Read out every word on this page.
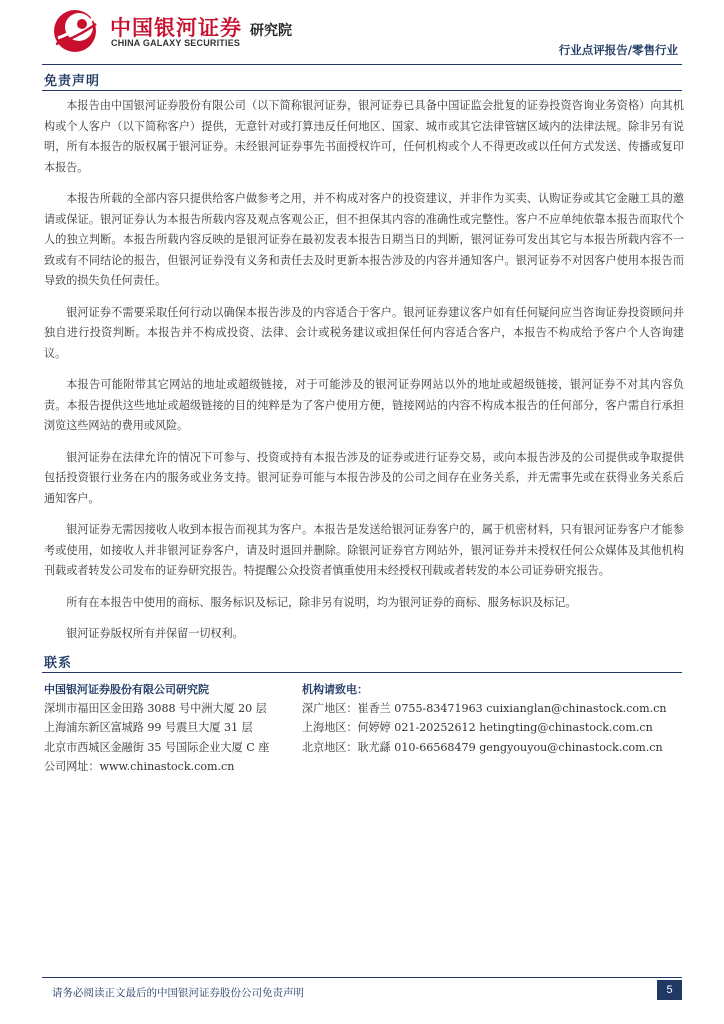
中国银河证券
CHINA GALAXY SECURITIES
研究院
行业点评报告/零售行业
免责声明

本报告由中国银河证券股份有限公司（以下简称银河证券，银河证券已具备中国证监会批复的证券投资咨询业务资格）向其机构或个人客户（以下简称客户）提供，无意针对或打算违反任何地区、国家、城市或其它法律管辖区域内的法律法规。除非另有说明，所有本报告的版权属于银河证券。未经银河证券事先书面授权许可，任何机构或个人不得更改或以任何方式发送、传播或复印本报告。

本报告所载的全部内容只提供给客户做参考之用，并不构成对客户的投资建议，并非作为买卖、认购证券或其它金融工具的邀请或保证。银河证券认为本报告所载内容及观点客观公正，但不担保其内容的准确性或完整性。客户不应单纯依靠本报告而取代个人的独立判断。本报告所载内容反映的是银河证券在最初发表本报告日期当日的判断，银河证券可发出其它与本报告所载内容不一致或有不同结论的报告，但银河证券没有义务和责任去及时更新本报告涉及的内容并通知客户。银河证券不对因客户使用本报告而导致的损失负任何责任。

银河证券不需要采取任何行动以确保本报告涉及的内容适合于客户。银河证券建议客户如有任何疑问应当咨询证券投资顾问并独自进行投资判断。本报告并不构成投资、法律、会计或税务建议或担保任何内容适合客户，本报告不构成给予客户个人咨询建议。

本报告可能附带其它网站的地址或超级链接，对于可能涉及的银河证券网站以外的地址或超级链接，银河证券不对其内容负责。本报告提供这些地址或超级链接的目的纯粹是为了客户使用方便，链接网站的内容不构成本报告的任何部分，客户需自行承担浏览这些网站的费用或风险。

银河证券在法律允许的情况下可参与、投资或持有本报告涉及的证券或进行证券交易，或向本报告涉及的公司提供或争取提供包括投资银行业务在内的服务或业务支持。银河证券可能与本报告涉及的公司之间存在业务关系，并无需事先或在获得业务关系后通知客户。

银河证券无需因接收人收到本报告而视其为客户。本报告是发送给银河证券客户的，属于机密材料，只有银河证券客户才能参考或使用，如接收人并非银河证券客户，请及时退回并删除。除银河证券官方网站外，银河证券并未授权任何公众媒体及其他机构刊载或者转发公司发布的证券研究报告。特提醒公众投资者慎重使用未经授权刊载或者转发的本公司证券研究报告。

所有在本报告中使用的商标、服务标识及标记，除非另有说明，均为银河证券的商标、服务标识及标记。

银河证券版权所有并保留一切权利。

联系
中国银河证券股份有限公司研究院
深圳市福田区金田路 3088 号中洲大厦 20 层
上海浦东新区富城路 99 号震旦大厦 31 层
北京市西城区金融街 35 号国际企业大厦 C 座
公司网址：www.chinastock.com.cn
机构请致电：
深广地区：崔香兰 0755-83471963 cuixianglan@chinastock.com.cn
上海地区：何婷婷 021-20252612 hetingting@chinastock.com.cn
北京地区：耿尤繇 010-66568479 gengyouyou@chinastock.com.cn
请务必阅读正文最后的中国银河证券股份公司免责声明	5
